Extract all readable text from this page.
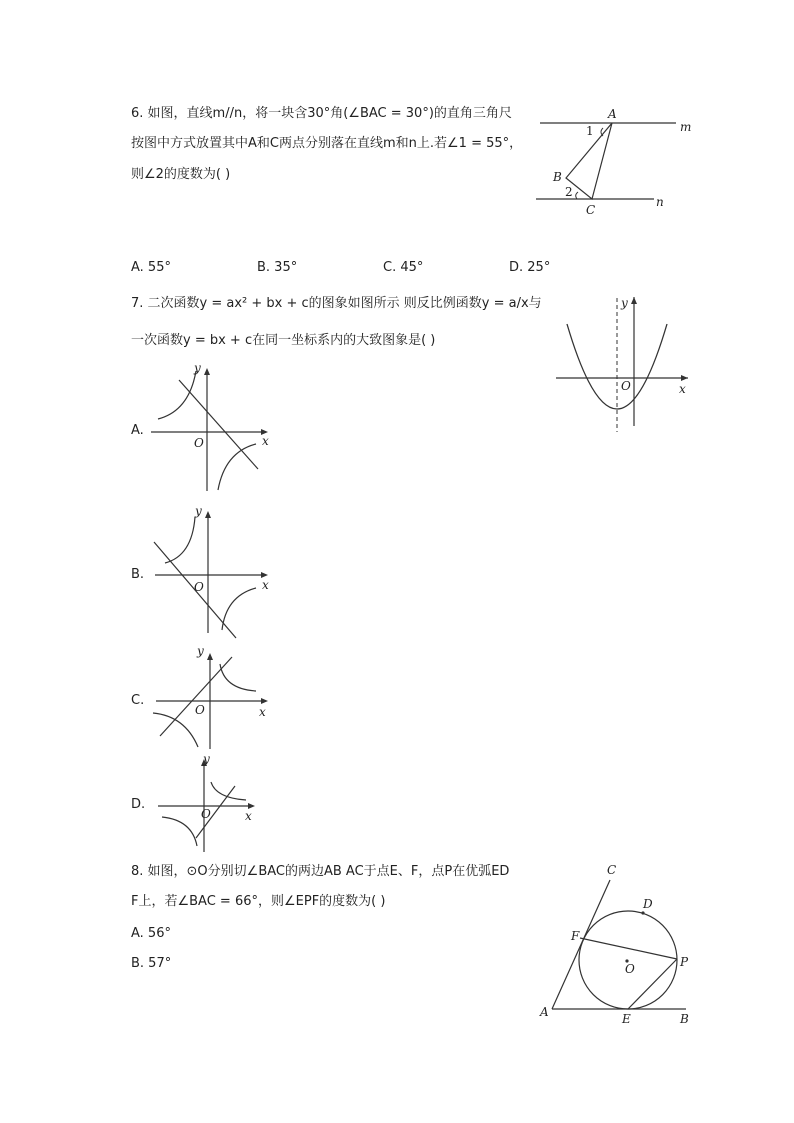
6. 如图，直线m//n，将一块含30°角(∠BAC = 30°)的直角三角尺
按图中方式放置其中A和C两点分别落在直线m和n上.若∠1 = 55°，
则∠2的度数为( )
A
B
C
m
n
1
2
A. 55°	B. 35°	C. 45°	D. 25°
7. 二次函数y = ax² + bx + c的图象如图所示 则反比例函数y = a/x与
一次函数y = bx + c在同一坐标系内的大致图象是( )
y
x
O
A.
y
x
O
B.
y
x
O
C.
y
x
O
D.
y
x
O
8. 如图，⊙O分别切∠BAC的两边AB AC于点E、F，点P在优弧ED
F上，若∠BAC = 66°，则∠EPF的度数为( )
A. 56°
B. 57°
A	B
C
D
E
F
P
O
